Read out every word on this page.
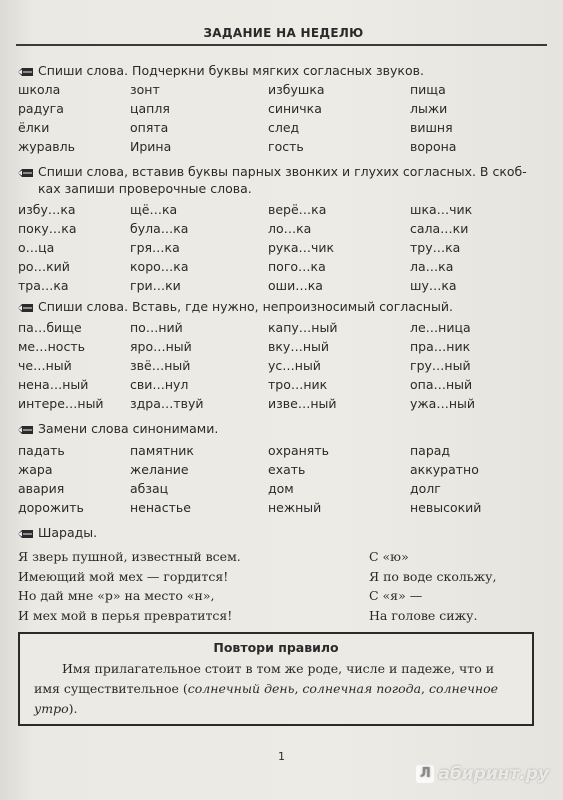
ЗАДАНИЕ НА НЕДЕЛЮ
Спиши слова. Подчеркни буквы мягких согласных звуков.
школа	зонт	избушка	пища
радуга	цапля	синичка	лыжи
ёлки	опята	след	вишня
журавль	Ирина	гость	ворона
Спиши слова, вставив буквы парных звонких и глухих согласных. В скоб-
ках запиши проверочные слова.
избу…ка	щё…ка	верё…ка	шка…чик
поку…ка	була…ка	ло…ка	сала…ки
о…ца	гря…ка	рука…чик	тру…ка
ро…кий	коро…ка	пого…ка	ла…ка
тра…ка	гри…ки	оши…ка	шу…ка
Спиши слова. Вставь, где нужно, непроизносимый согласный.
па…бище	по…ний	капу…ный	ле…ница
ме…ность	яро…ный	вку…ный	пра…ник
че…ный	звё…ный	ус…ный	гру…ный
нена…ный	сви…нул	тро…ник	опа…ный
интере…ный здра…твуй	изве…ный	ужа…ный
Замени слова синонимами.
падать	памятник	охранять	парад
жара	желание	ехать	аккуратно
авария	абзац	дом	долг
дорожить	ненастье	нежный	невысокий
Шарады.
Я зверь пушной, известный всем.
Имеющий мой мех — гордится!
Но дай мне «р» на место «н»,
И мех мой в перья превратится!
С «ю»
Я по воде скольжу,
С «я» —
На голове сижу.
Повтори правило
Имя прилагательное стоит в том же роде, числе и падеже, что и имя существительное (солнечный день, солнечная погода, солнечное утро).
1
Л абиринт.ру
